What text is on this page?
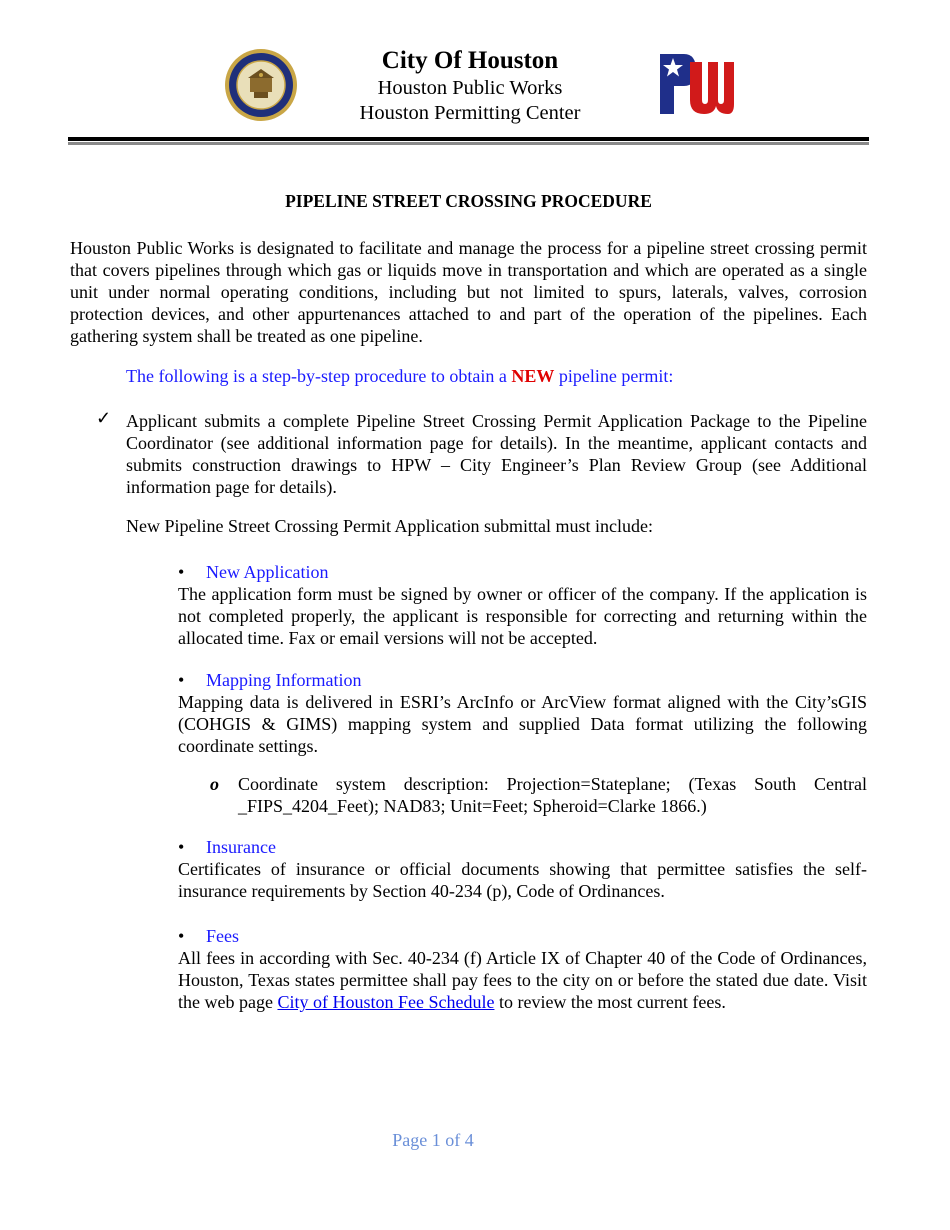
City Of Houston
Houston Public Works
Houston Permitting Center
PIPELINE STREET CROSSING PROCEDURE
Houston Public Works is designated to facilitate and manage the process for a pipeline street crossing permit that covers pipelines through which gas or liquids move in transportation and which are operated as a single unit under normal operating conditions, including but not limited to spurs, laterals, valves, corrosion protection devices, and other appurtenances attached to and part of the operation of the pipelines. Each gathering system shall be treated as one pipeline.
The following is a step-by-step procedure to obtain a NEW pipeline permit:
✓ Applicant submits a complete Pipeline Street Crossing Permit Application Package to the Pipeline Coordinator (see additional information page for details). In the meantime, applicant contacts and submits construction drawings to HPW – City Engineer’s Plan Review Group (see Additional information page for details).
New Pipeline Street Crossing Permit Application submittal must include:
• New Application
The application form must be signed by owner or officer of the company. If the application is not completed properly, the applicant is responsible for correcting and returning within the allocated time. Fax or email versions will not be accepted.
• Mapping Information
Mapping data is delivered in ESRI’s ArcInfo or ArcView format aligned with the City’sGIS (COHGIS & GIMS) mapping system and supplied Data format utilizing the following coordinate settings.
o Coordinate system description: Projection=Stateplane; (Texas South Central _FIPS_4204_Feet); NAD83; Unit=Feet; Spheroid=Clarke 1866.)
• Insurance
Certificates of insurance or official documents showing that permittee satisfies the self-insurance requirements by Section 40-234 (p), Code of Ordinances.
• Fees
All fees in according with Sec. 40-234 (f) Article IX of Chapter 40 of the Code of Ordinances, Houston, Texas states permittee shall pay fees to the city on or before the stated due date. Visit the web page City of Houston Fee Schedule to review the most current fees.
Page 1 of 4
